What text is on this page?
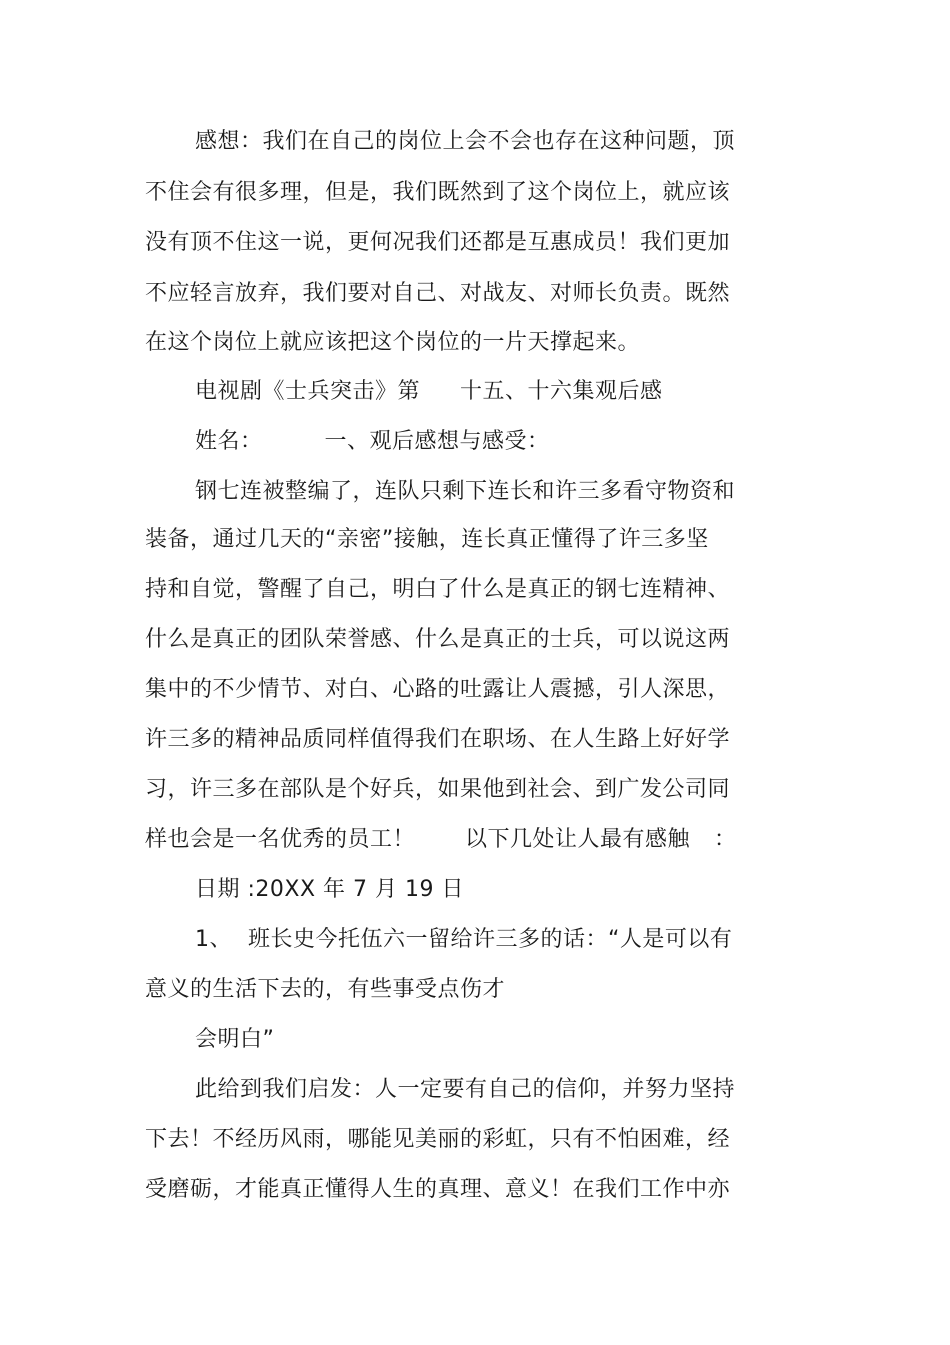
感想：我们在自己的岗位上会不会也存在这种问题，顶
不住会有很多理，但是，我们既然到了这个岗位上，就应该
没有顶不住这一说，更何况我们还都是互惠成员！我们更加
不应轻言放弃，我们要对自己、对战友、对师长负责。既然
在这个岗位上就应该把这个岗位的一片天撑起来。
电视剧《士兵突击》第 十五、十六集观后感
姓名：	一、观后感想与感受：
钢七连被整编了，连队只剩下连长和许三多看守物资和
装备，通过几天的“亲密”接触，连长真正懂得了许三多坚
持和自觉，警醒了自己，明白了什么是真正的钢七连精神、
什么是真正的团队荣誉感、什么是真正的士兵，可以说这两
集中的不少情节、对白、心路的吐露让人震撼，引人深思，
许三多的精神品质同样值得我们在职场、在人生路上好好学
习，许三多在部队是个好兵，如果他到社会、到广发公司同
样也会是一名优秀的员工！ 以下几处让人最有感触 ：
日期 :20XX 年 7 月 19 日
1、 班长史今托伍六一留给许三多的话：“人是可以有
意义的生活下去的，有些事受点伤才
会明白”
此给到我们启发：人一定要有自己的信仰，并努力坚持
下去！不经历风雨，哪能见美丽的彩虹，只有不怕困难，经
受磨砺，才能真正懂得人生的真理、意义！在我们工作中亦
